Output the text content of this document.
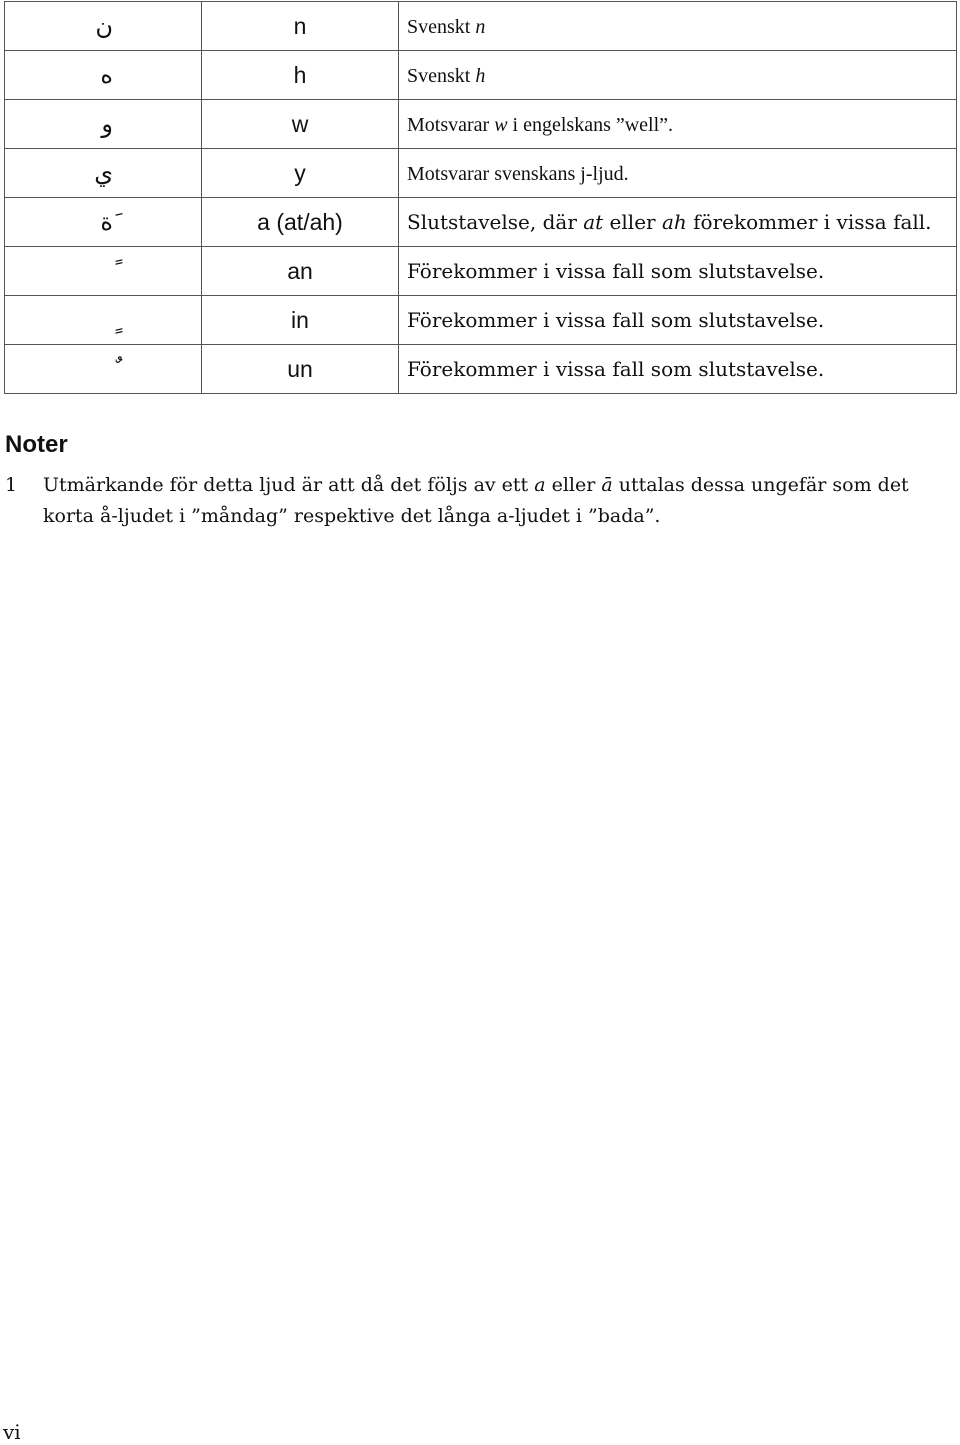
ن	n	Svenskt n
ه	h	Svenskt h
و	w	Motsvarar w i engelskans ”well”.
ي	y	Motsvarar svenskans j-ljud.
َة	a (at/ah)	Slutstavelse, där at eller ah förekommer i vissa fall.
	an	Förekommer i vissa fall som slutstavelse.
	in	Förekommer i vissa fall som slutstavelse.
	un	Förekommer i vissa fall som slutstavelse.
Noter
1 Utmärkande för detta ljud är att då det följs av ett a eller ā uttalas dessa ungefär som det korta å-ljudet i ”måndag” respektive det långa a-ljudet i ”bada”.
vi
